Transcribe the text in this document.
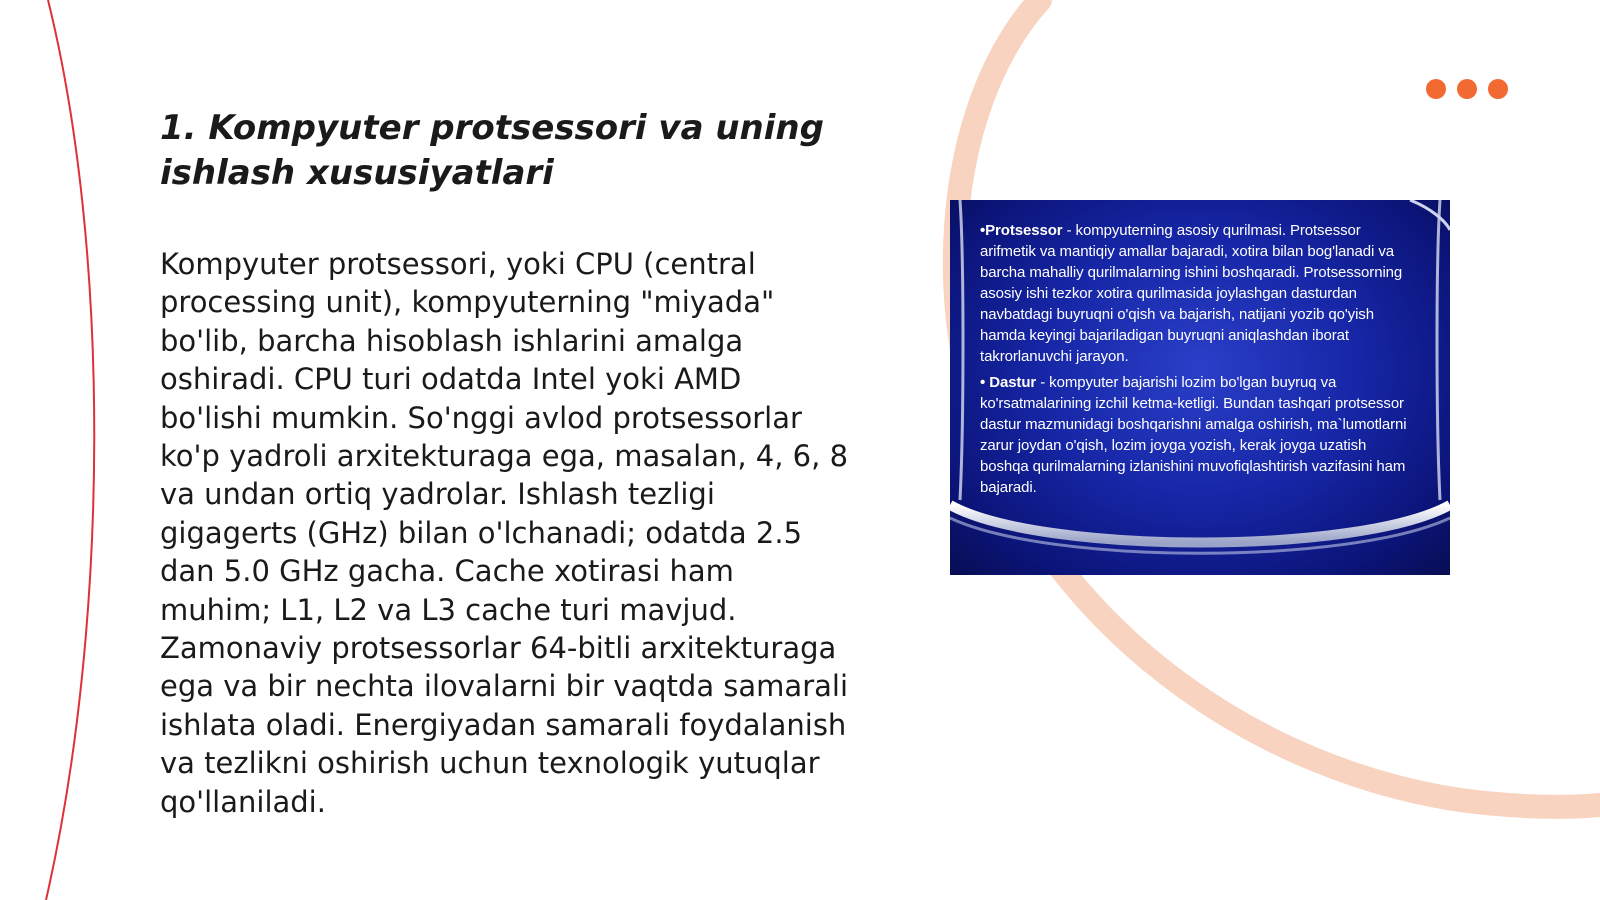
1. Kompyuter protsessori va uning ishlash xususiyatlari

Kompyuter protsessori, yoki CPU (central processing unit), kompyuterning "miyada" bo'lib, barcha hisoblash ishlarini amalga oshiradi. CPU turi odatda Intel yoki AMD bo'lishi mumkin. So'nggi avlod protsessorlar ko'p yadroli arxitekturaga ega, masalan, 4, 6, 8 va undan ortiq yadrolar. Ishlash tezligi gigagerts (GHz) bilan o'lchanadi; odatda 2.5 dan 5.0 GHz gacha. Cache xotirasi ham muhim; L1, L2 va L3 cache turi mavjud. Zamonaviy protsessorlar 64-bitli arxitekturaga ega va bir nechta ilovalarni bir vaqtda samarali ishlata oladi. Energiyadan samarali foydalanish va tezlikni oshirish uchun texnologik yutuqlar qo'llaniladi.

•Protsessor - kompyuterning asosiy qurilmasi. Protsessor arifmetik va mantiqiy amallar bajaradi, xotira bilan bog'lanadi va barcha mahalliy qurilmalarning ishini boshqaradi. Protsessorning asosiy ishi tezkor xotira qurilmasida joylashgan dasturdan navbatdagi buyruqni o'qish va bajarish, natijani yozib qo'yish hamda keyingi bajariladigan buyruqni aniqlashdan iborat takrorlanuvchi jarayon.

• Dastur - kompyuter bajarishi lozim bo'lgan buyruq va ko'rsatmalarining izchil ketma-ketligi. Bundan tashqari protsessor dastur mazmunidagi boshqarishni amalga oshirish, ma`lumotlarni zarur joydan o'qish, lozim joyga yozish, kerak joyga uzatish boshqa qurilmalarning izlanishini muvofiqlashtirish vazifasini ham bajaradi.
